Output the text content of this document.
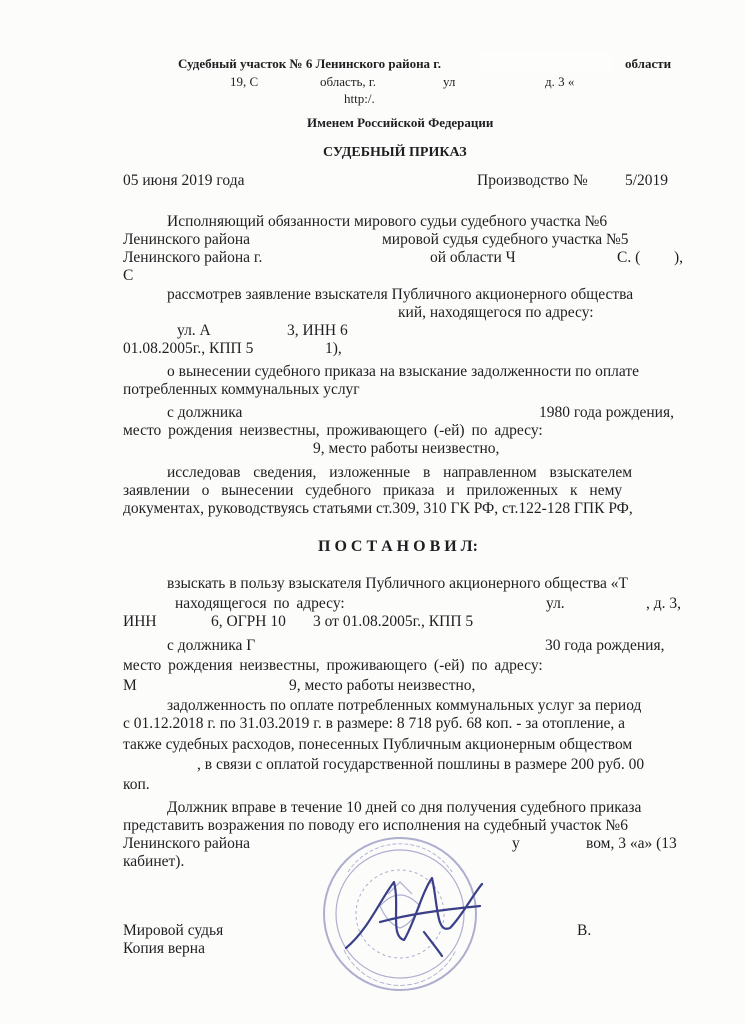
Судебный участок № 6 Ленинского района г.	области
19, С	область, г.	ул	д. 3 «
http:/.
Именем Российской Федерации
СУДЕБНЫЙ ПРИКАЗ
05 июня 2019 года	Производство № 5/2019
Исполняющий обязанности мирового судьи судебного участка №6
Ленинского района	мировой судья судебного участка №5
Ленинского района г.	ой области Ч	С. ( ),
С
рассмотрев заявление взыскателя Публичного акционерного общества
кий, находящегося по адресу:
ул. А	3, ИНН 6
01.08.2005г., КПП 5	1),
о вынесении судебного приказа на взыскание задолженности по оплате
потребленных коммунальных услуг
с должника	1980 года рождения,
место рождения неизвестны, проживающего (-ей) по адресу:
9, место работы неизвестно,
исследовав сведения, изложенные в направленном взыскателем
заявлении о вынесении судебного приказа и приложенных к нему
документах, руководствуясь статьями ст.309, 310 ГК РФ, ст.122-128 ГПК РФ,
П О С Т А Н О В И Л:
взыскать в пользу взыскателя Публичного акционерного общества «Т
находящегося по адресу:	ул.	, д. 3,
ИНН	6, ОГРН 10 3 от 01.08.2005г., КПП 5
с должника Г	30 года рождения,
место рождения неизвестны, проживающего (-ей) по адресу:
М	9, место работы неизвестно,
задолженность по оплате потребленных коммунальных услуг за период
с 01.12.2018 г. по 31.03.2019 г. в размере: 8 718 руб. 68 коп. - за отопление, а
также судебных расходов, понесенных Публичным акционерным обществом
, в связи с оплатой государственной пошлины в размере 200 руб. 00
коп.
Должник вправе в течение 10 дней со дня получения судебного приказа
представить возражения по поводу его исполнения на судебный участок №6
Ленинского района	у	вом, 3 «а» (13
кабинет).
Мировой судья
Копия верна
В.
